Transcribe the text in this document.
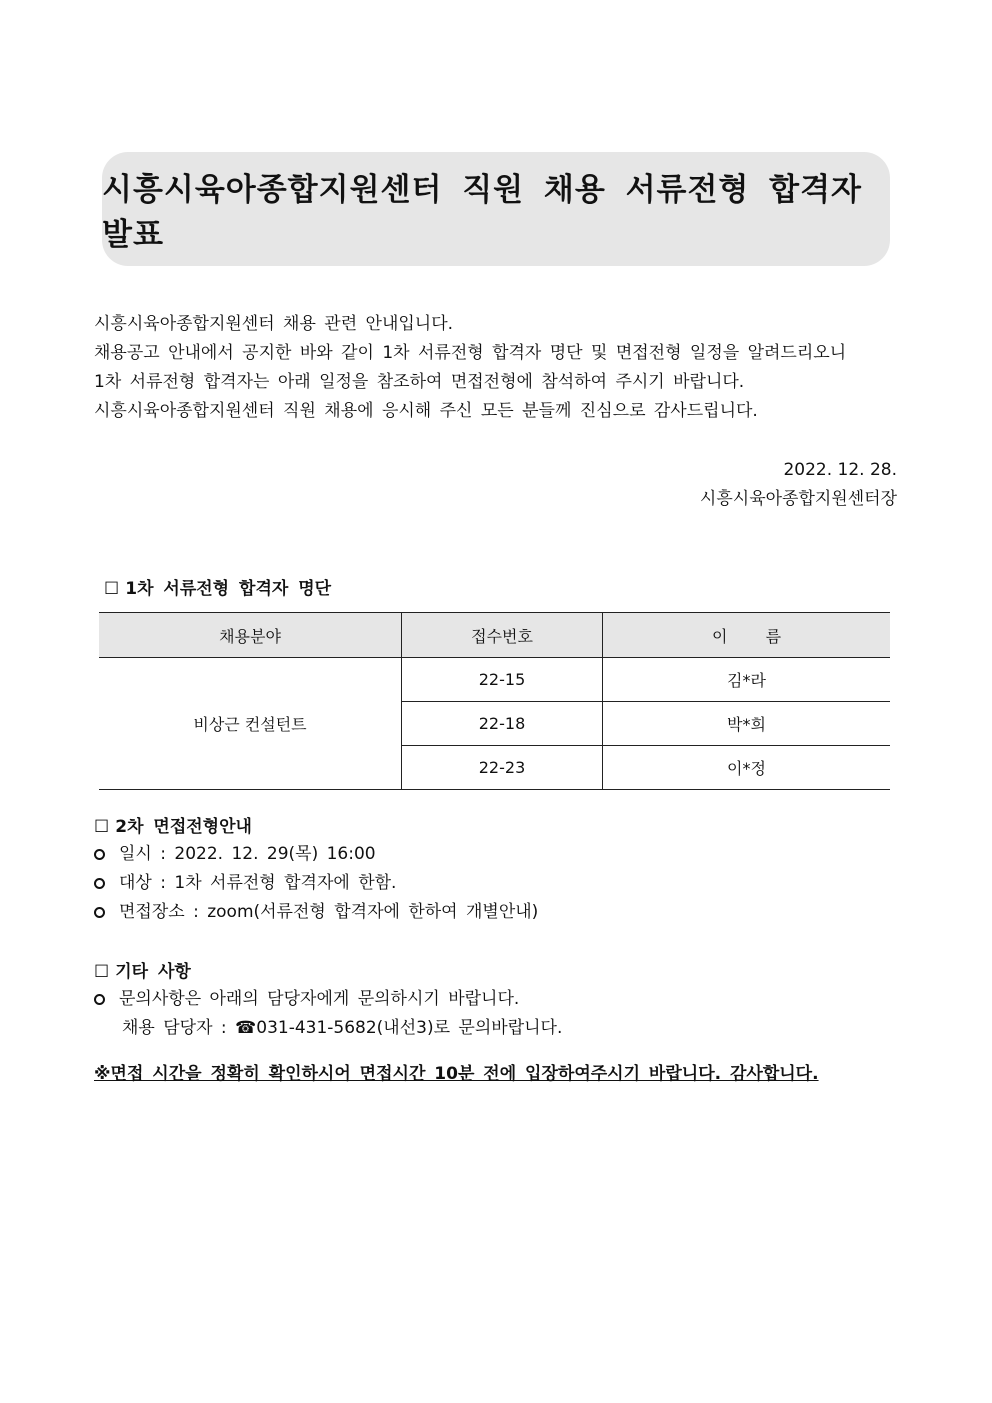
시흥시육아종합지원센터 직원 채용 서류전형 합격자 발표

시흥시육아종합지원센터 채용 관련 안내입니다.

채용공고 안내에서 공지한 바와 같이 1차 서류전형 합격자 명단 및 면접전형 일정을 알려드리오니

1차 서류전형 합격자는 아래 일정을 참조하여 면접전형에 참석하여 주시기 바랍니다.

시흥시육아종합지원센터 직원 채용에 응시해 주신 모든 분들께 진심으로 감사드립니다.

2022. 12. 28.
시흥시육아종합지원센터장
☐ 1차 서류전형 합격자 명단
채용분야	접수번호	이  름
비상근 컨설턴트	22-15	김*라
	22-18	박*희
	22-23	이*정
☐ 2차 면접전형안내
일시 : 2022. 12. 29(목) 16:00
대상 : 1차 서류전형 합격자에 한함.
면접장소 : zoom(서류전형 합격자에 한하여 개별안내)
☐ 기타 사항
문의사항은 아래의 담당자에게 문의하시기 바랍니다.
채용 담당자 : ☎031-431-5682(내선3)로 문의바랍니다.
※면접 시간을 정확히 확인하시어 면접시간 10분 전에 입장하여주시기 바랍니다. 감사합니다.
